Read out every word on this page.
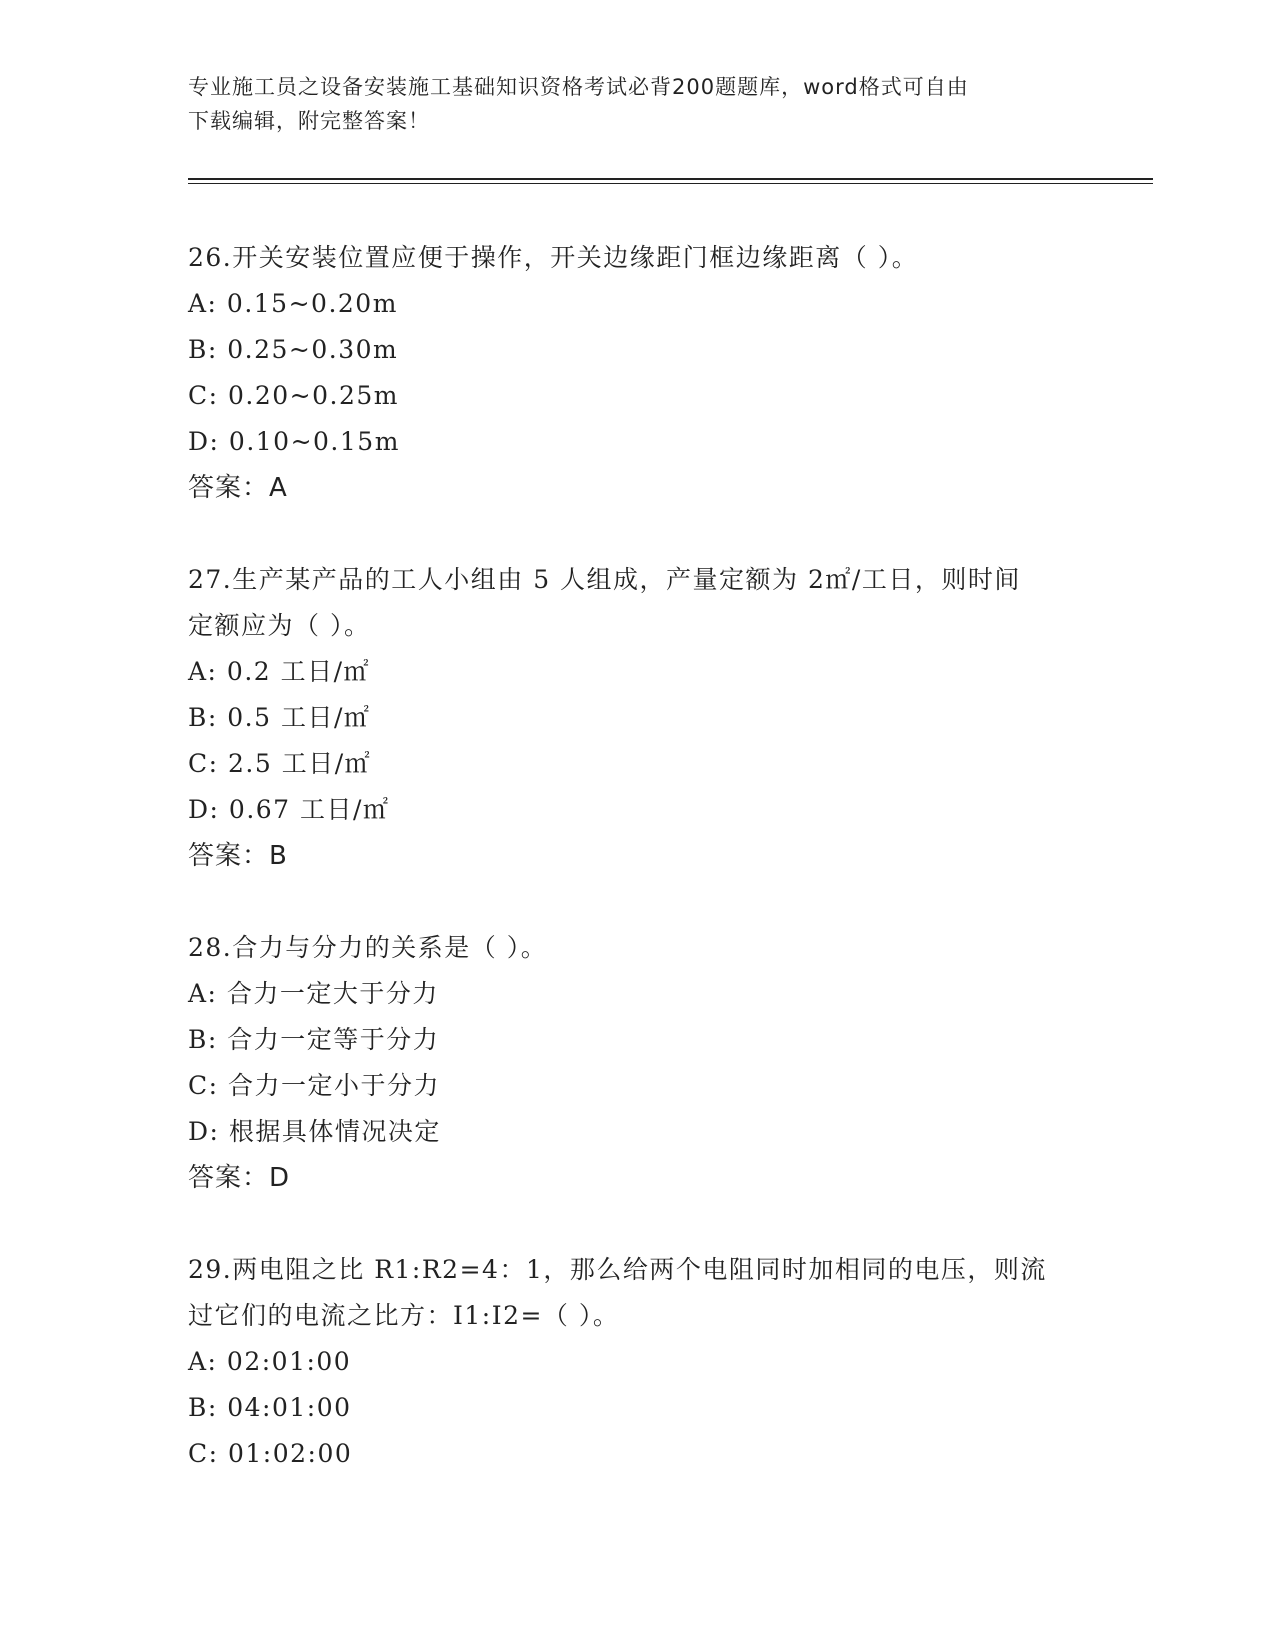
专业施工员之设备安装施工基础知识资格考试必背200题题库，word格式可自由
下载编辑，附完整答案！
26.开关安装位置应便于操作，开关边缘距门框边缘距离（ ）。
A: 0.15~0.20m
B: 0.25~0.30m
C: 0.20~0.25m
D: 0.10~0.15m
答案：A
27.生产某产品的工人小组由 5 人组成，产量定额为 2㎡/工日，则时间
定额应为（ ）。
A: 0.2 工日/㎡
B: 0.5 工日/㎡
C: 2.5 工日/㎡
D: 0.67 工日/㎡
答案：B
28.合力与分力的关系是（ ）。
A: 合力一定大于分力
B: 合力一定等于分力
C: 合力一定小于分力
D: 根据具体情况决定
答案：D
29.两电阻之比 R1:R2=4：1，那么给两个电阻同时加相同的电压，则流
过它们的电流之比方：I1:I2=（ ）。
A: 02:01:00
B: 04:01:00
C: 01:02:00
